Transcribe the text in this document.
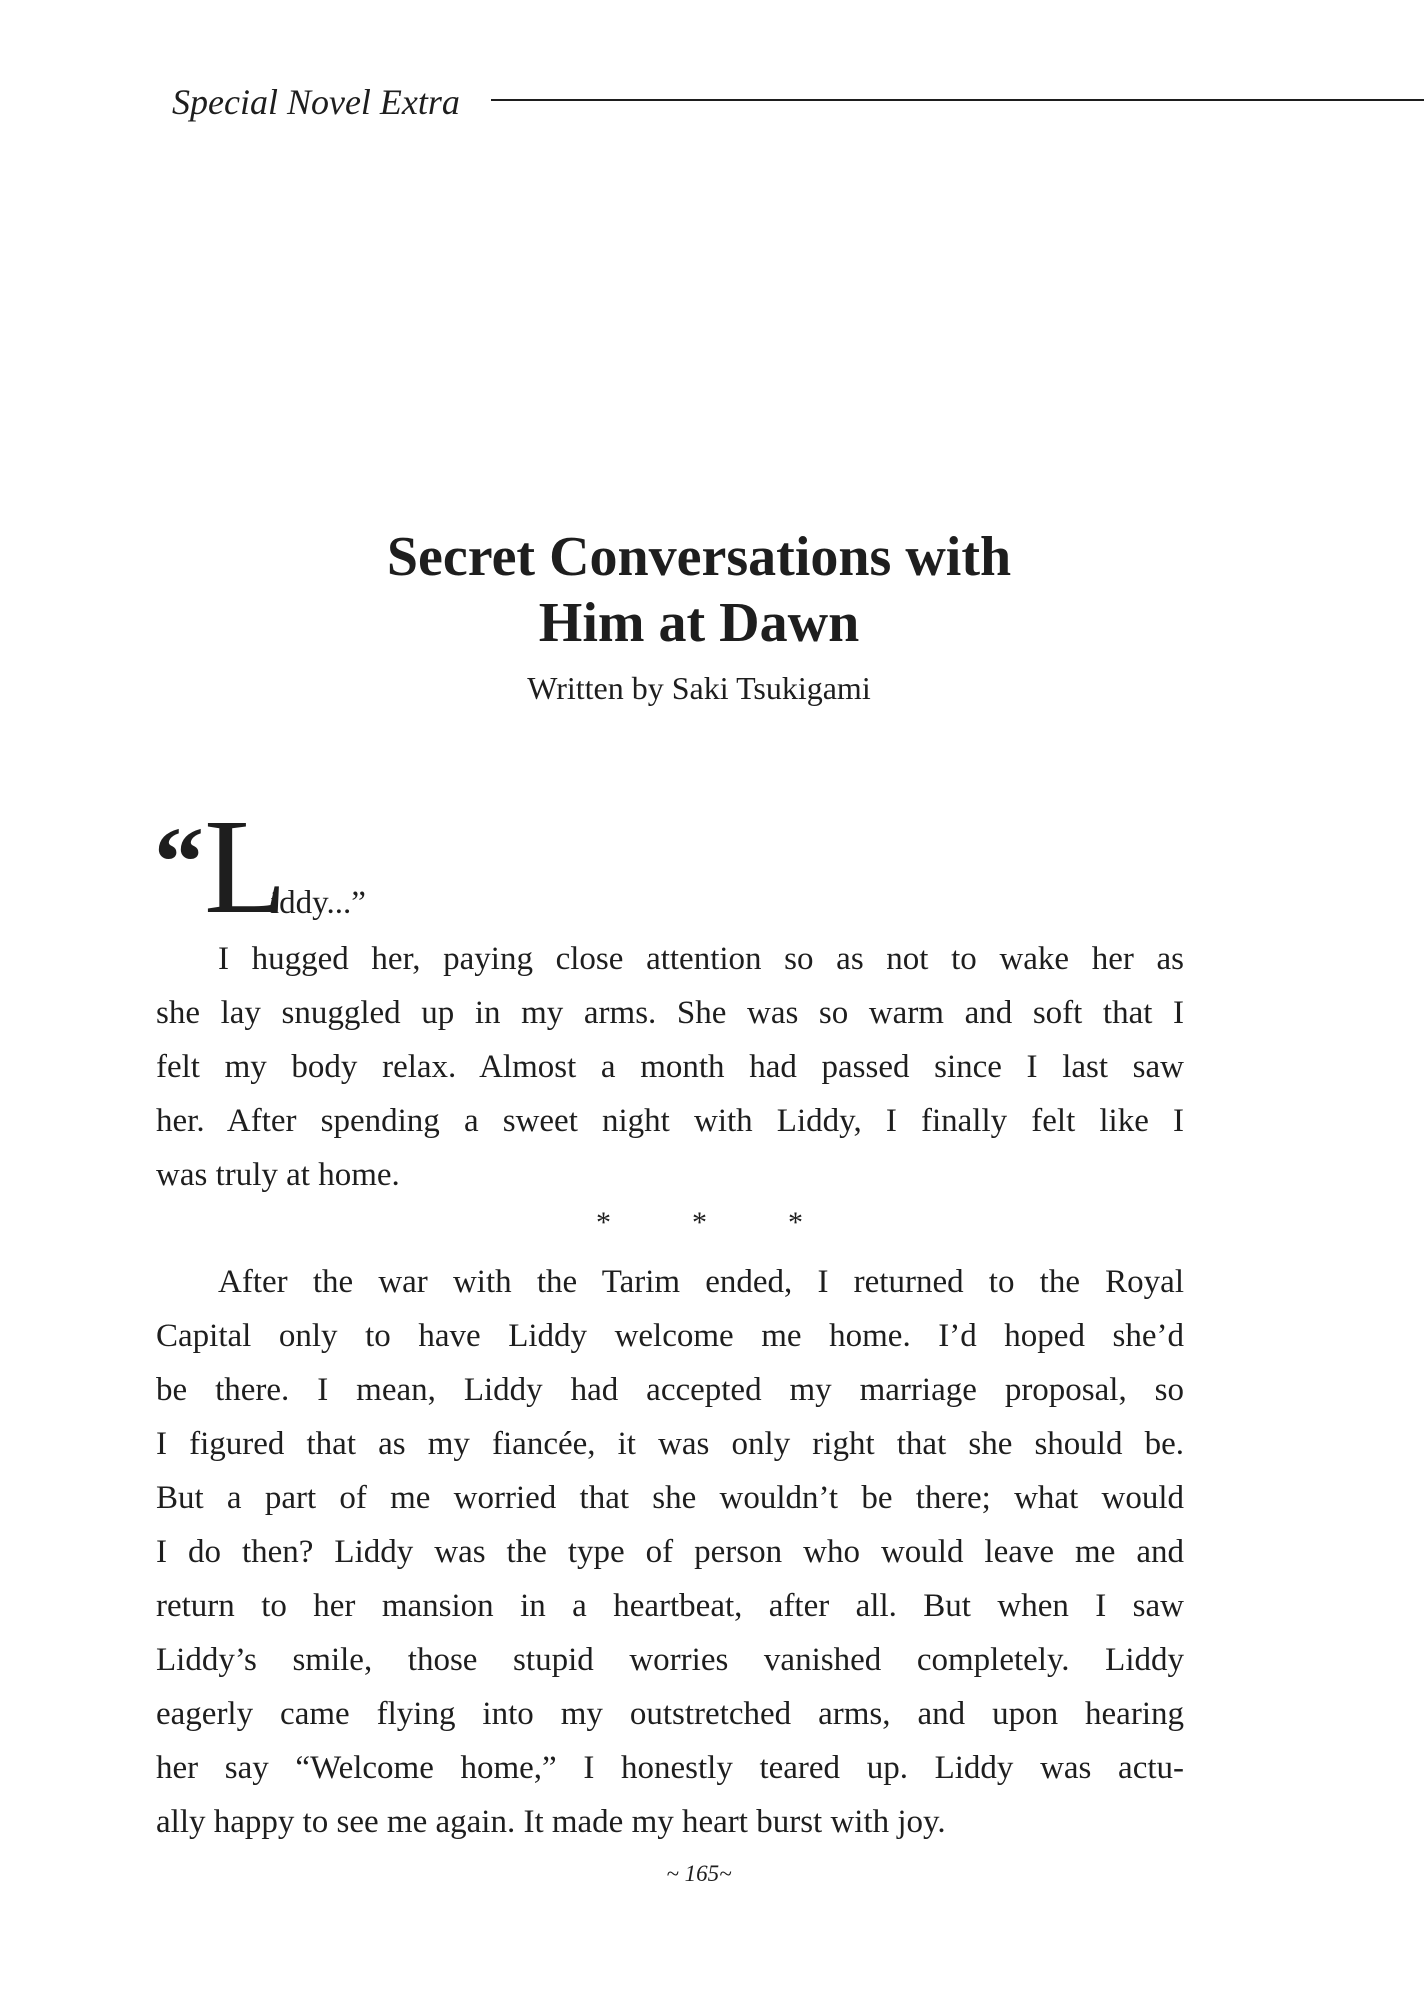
Special Novel Extra
Secret Conversations with
Him at Dawn
Written by Saki Tsukigami
“ L
iddy...”
I hugged her, paying close attention so as not to wake her as
she lay snuggled up in my arms. She was so warm and soft that I
felt my body relax. Almost a month had passed since I last saw
her. After spending a sweet night with Liddy, I finally felt like I
was truly at home.
*	*	*
After the war with the Tarim ended, I returned to the Royal
Capital only to have Liddy welcome me home. I’d hoped she’d
be there. I mean, Liddy had accepted my marriage proposal, so
I figured that as my fiancée, it was only right that she should be.
But a part of me worried that she wouldn’t be there; what would
I do then? Liddy was the type of person who would leave me and
return to her mansion in a heartbeat, after all. But when I saw
Liddy’s smile, those stupid worries vanished completely. Liddy
eagerly came flying into my outstretched arms, and upon hearing
her say “Welcome home,” I honestly teared up. Liddy was actu-
ally happy to see me again. It made my heart burst with joy.
~ 165~
